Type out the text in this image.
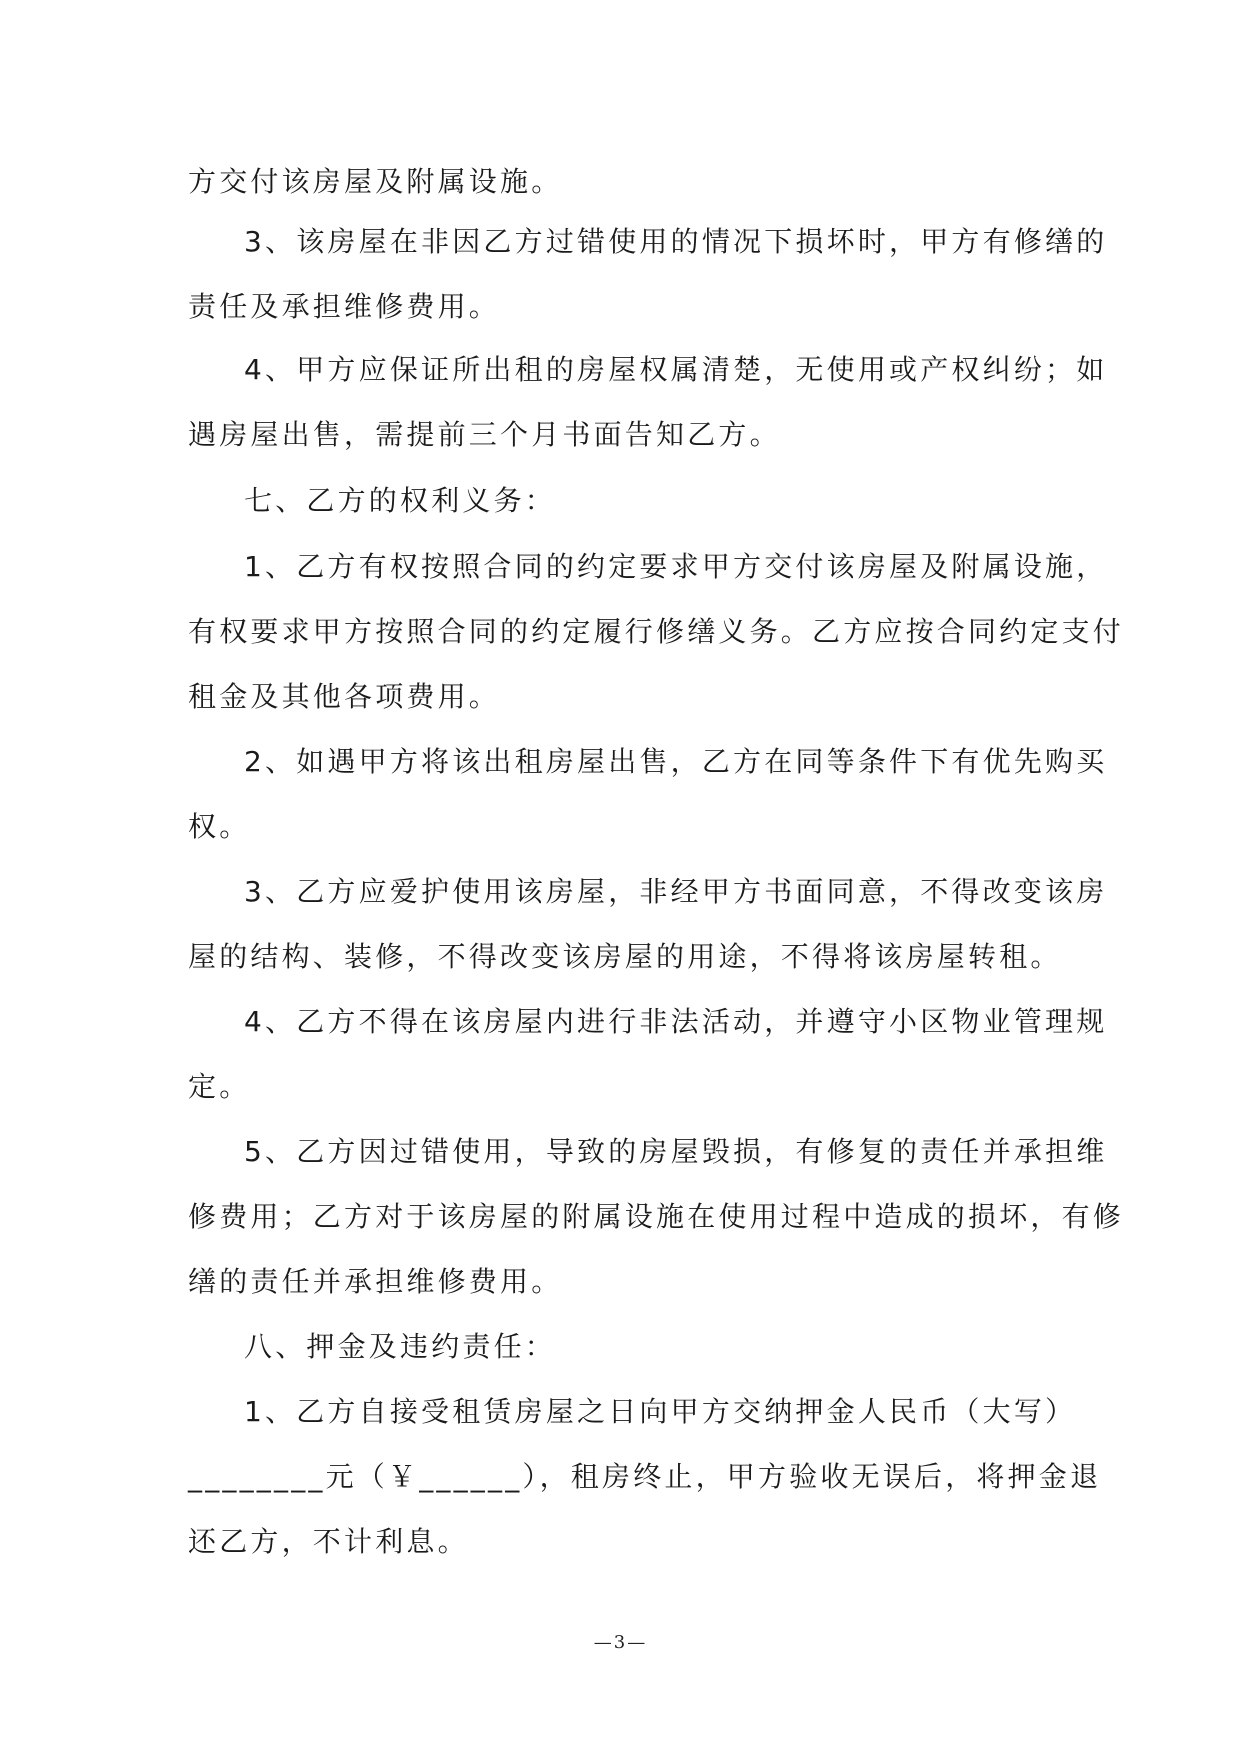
方交付该房屋及附属设施。
3、该房屋在非因乙方过错使用的情况下损坏时，甲方有修缮的
责任及承担维修费用。
4、甲方应保证所出租的房屋权属清楚，无使用或产权纠纷；如
遇房屋出售，需提前三个月书面告知乙方。
七、乙方的权利义务：
1、乙方有权按照合同的约定要求甲方交付该房屋及附属设施，
有权要求甲方按照合同的约定履行修缮义务。乙方应按合同约定支付
租金及其他各项费用。
2、如遇甲方将该出租房屋出售，乙方在同等条件下有优先购买
权。
3、乙方应爱护使用该房屋，非经甲方书面同意，不得改变该房
屋的结构、装修，不得改变该房屋的用途，不得将该房屋转租。
4、乙方不得在该房屋内进行非法活动，并遵守小区物业管理规
定。
5、乙方因过错使用，导致的房屋毁损，有修复的责任并承担维
修费用；乙方对于该房屋的附属设施在使用过程中造成的损坏，有修
缮的责任并承担维修费用。
八、押金及违约责任：
1、乙方自接受租赁房屋之日向甲方交纳押金人民币（大写）
________元（￥______），租房终止，甲方验收无误后，将押金退
还乙方，不计利息。
—3—
